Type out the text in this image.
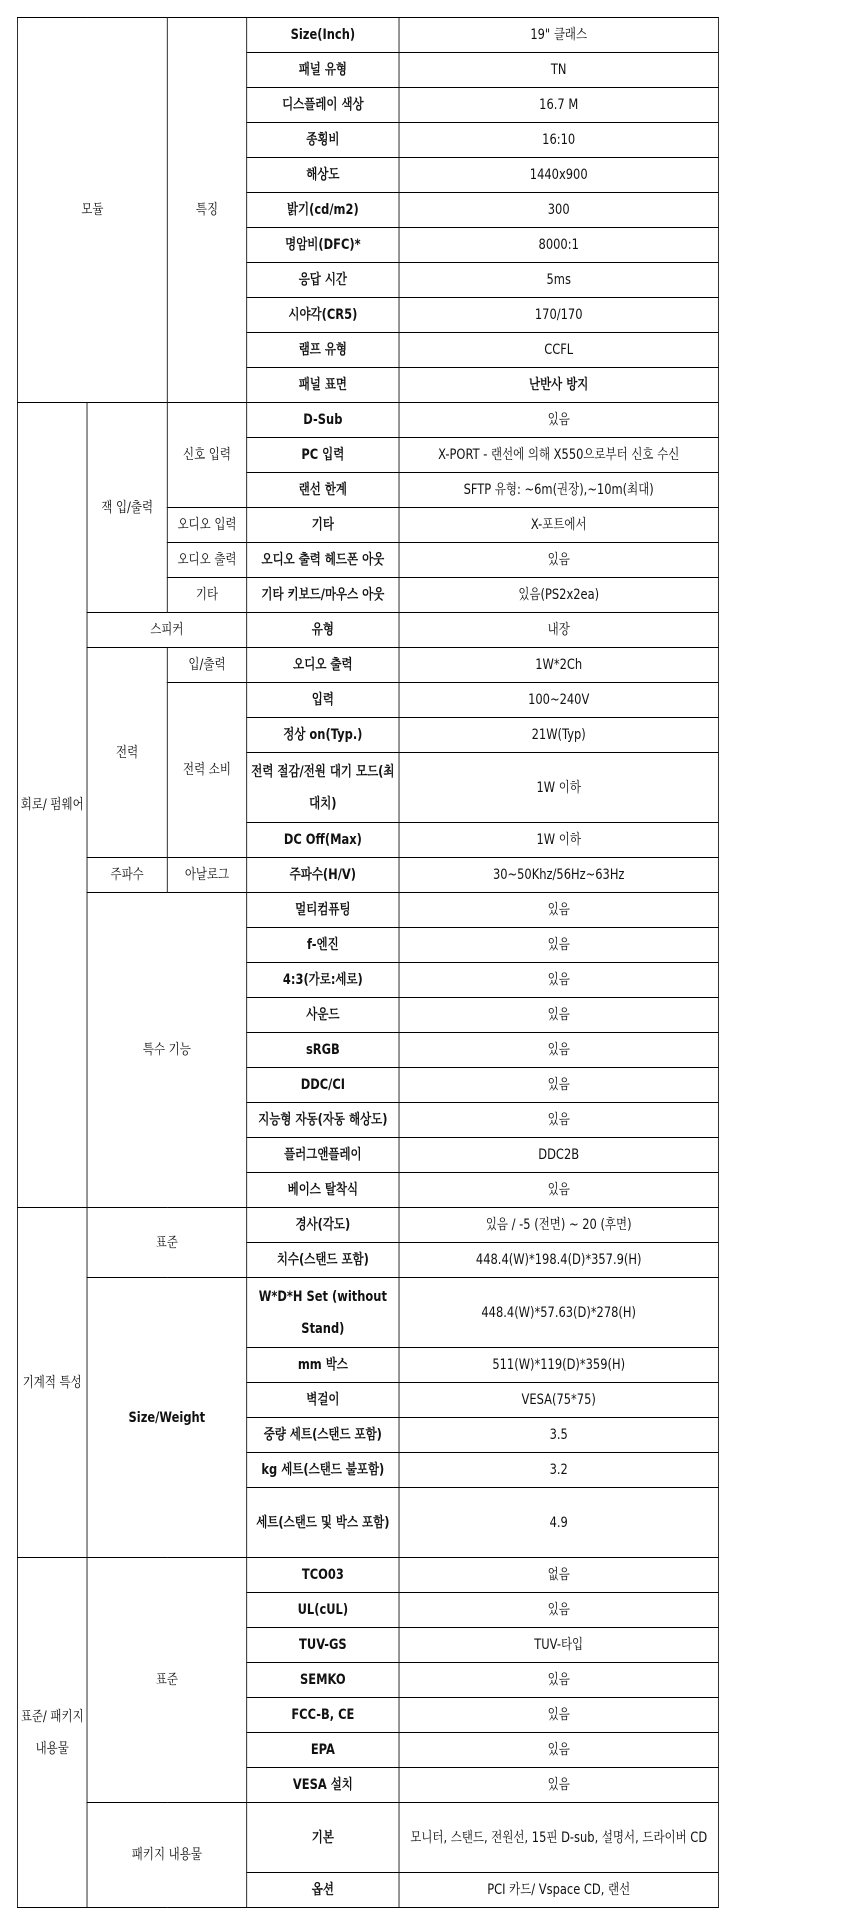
모듈		특징	Size(Inch)	19" 클래스
			패널 유형	TN
			디스플레이 색상	16.7 M
			종횡비	16:10
			해상도	1440x900
			밝기(cd/m2)	300
			명암비(DFC)*	8000:1
			응답 시간	5ms
			시야각(CR5)	170/170
			램프 유형	CCFL
			패널 표면	난반사 방지
회로/ 펌웨어	잭 입/출력	신호 입력	D-Sub	있음
			PC 입력	X-PORT - 랜선에 의해 X550으로부터 신호 수신
			랜선 한계	SFTP 유형: ~6m(권장),~10m(최대)
		오디오 입력	기타	X-포트에서
		오디오 출력	오디오 출력 헤드폰 아웃	있음
		기타	기타 키보드/마우스 아웃	있음(PS2x2ea)
	스피커		유형	내장
	전력	입/출력	오디오 출력	1W*2Ch
		전력 소비	입력	100~240V
			정상 on(Typ.)	21W(Typ)
			전력 절감/전원 대기 모드(최대치)	1W 이하

			DC Off(Max)	1W 이하
	주파수	아날로그	주파수(H/V)	30~50Khz/56Hz~63Hz
	특수 기능		멀티컴퓨팅	있음
			f-엔진	있음
			4:3(가로:세로)	있음
			사운드	있음
			sRGB	있음
			DDC/CI	있음
			지능형 자동(자동 해상도)	있음
			플러그앤플레이	DDC2B
			베이스 탈착식	있음
기계적 특성	표준		경사(각도)	있음 / -5 (전면) ~ 20 (후면)
			치수(스탠드 포함)	448.4(W)*198.4(D)*357.9(H)
	Size/Weight		W*D*H Set (without Stand)	448.4(W)*57.63(D)*278(H)

			mm 박스	511(W)*119(D)*359(H)
			벽걸이	VESA(75*75)
			중량 세트(스탠드 포함)	3.5
			kg 세트(스탠드 불포함)	3.2
			세트(스탠드 및 박스 포함)	4.9

표준/ 패키지 내용물	표준		TCO03	없음
			UL(cUL)	있음
			TUV-GS	TUV-타입
			SEMKO	있음
			FCC-B, CE	있음
			EPA	있음
			VESA 설치	있음
	패키지 내용물		기본	모니터, 스탠드, 전원선, 15핀 D-sub, 설명서, 드라이버 CD

			옵션	PCI 카드/ Vspace CD, 랜선
